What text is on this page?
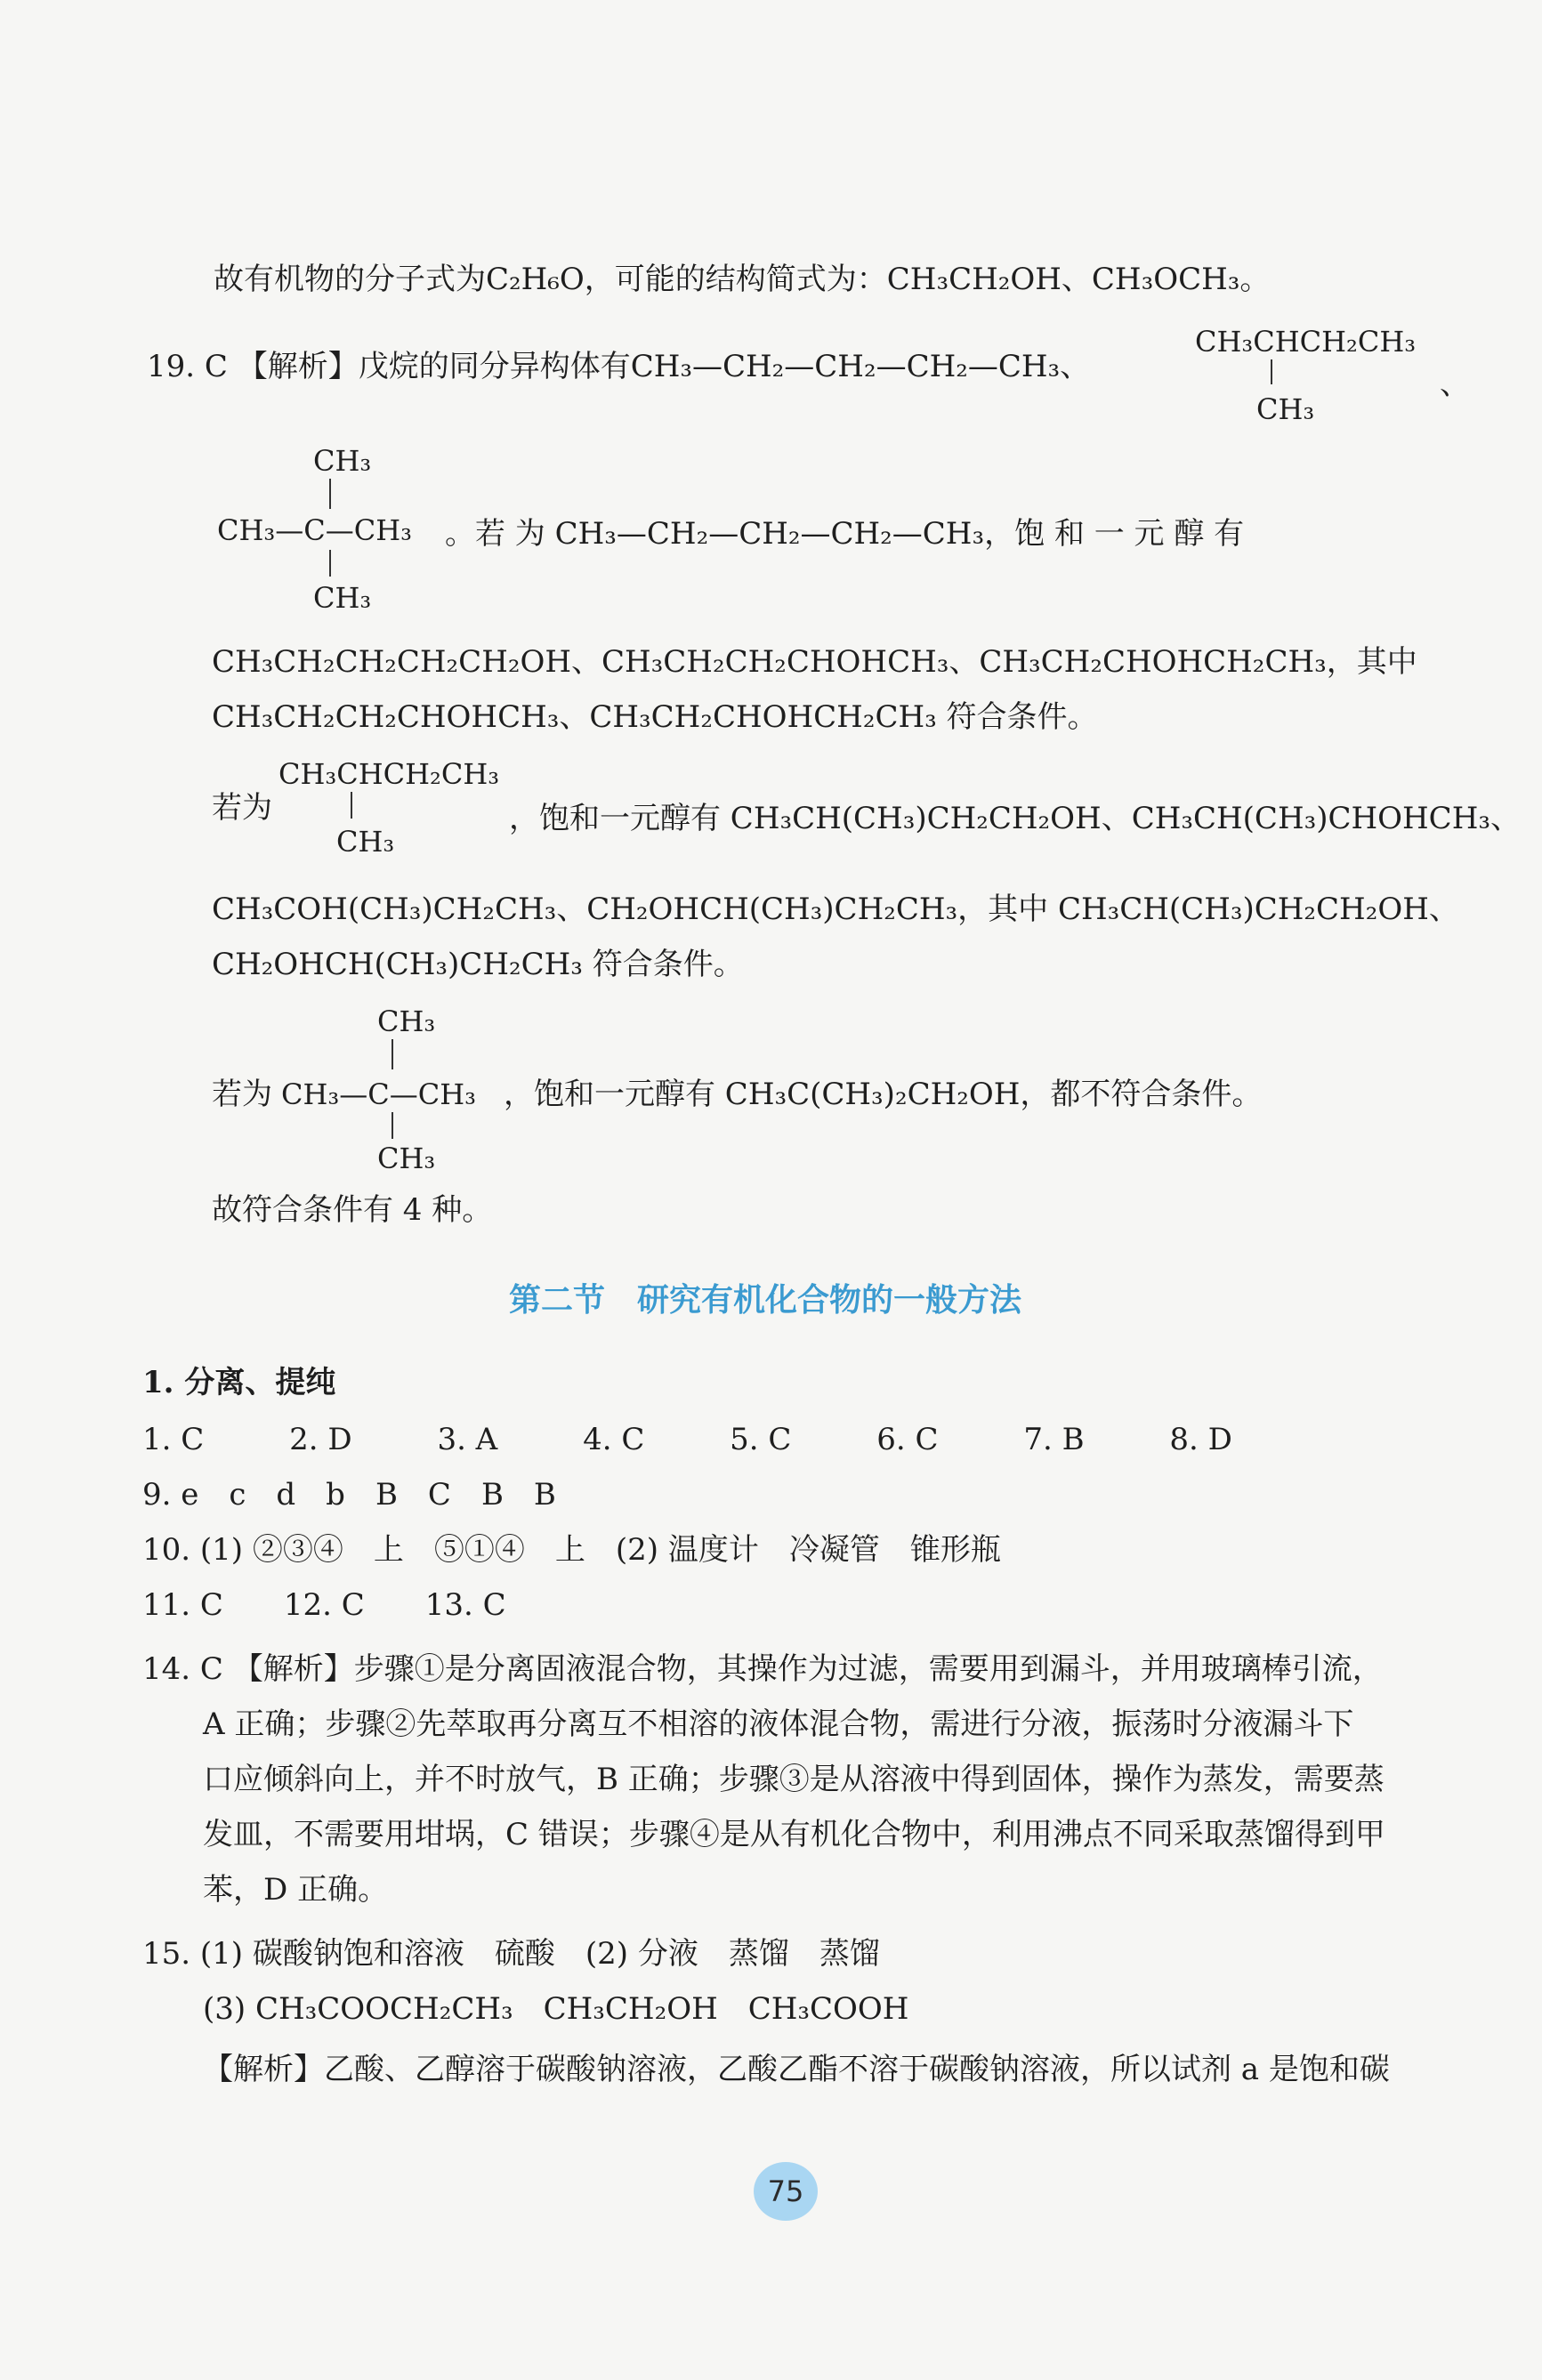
故有机物的分子式为C₂H₆O，可能的结构简式为：CH₃CH₂OH、CH₃OCH₃。
19. C 【解析】戊烷的同分异构体有CH₃—CH₂—CH₂—CH₂—CH₃、
CH₃CHCH₂CH₃
CH₃
、
CH₃
CH₃—C—CH₃
CH₃
。若 为 CH₃—CH₂—CH₂—CH₂—CH₃，饱 和 一 元 醇 有
CH₃CH₂CH₂CH₂CH₂OH、CH₃CH₂CH₂CHOHCH₃、CH₃CH₂CHOHCH₂CH₃，其中
CH₃CH₂CH₂CHOHCH₃、CH₃CH₂CHOHCH₂CH₃ 符合条件。
若为
CH₃CHCH₂CH₃
CH₃
，饱和一元醇有 CH₃CH(CH₃)CH₂CH₂OH、CH₃CH(CH₃)CHOHCH₃、
CH₃COH(CH₃)CH₂CH₃、CH₂OHCH(CH₃)CH₂CH₃，其中 CH₃CH(CH₃)CH₂CH₂OH、
CH₂OHCH(CH₃)CH₂CH₃ 符合条件。
CH₃
若为 CH₃—C—CH₃ ，饱和一元醇有 CH₃C(CH₃)₂CH₂OH，都不符合条件。
CH₃
故符合条件有 4 种。
第二节　研究有机化合物的一般方法
1. 分离、提纯
1. C	2. D	3. A	4. C	5. C	6. C	7. B	8. D
9. e　c　d　b　B　C　B　B
10. (1) ②③④　上　⑤①④　上　(2) 温度计　冷凝管　锥形瓶
11. C　　12. C　　13. C
14. C 【解析】步骤①是分离固液混合物，其操作为过滤，需要用到漏斗，并用玻璃棒引流，
A 正确；步骤②先萃取再分离互不相溶的液体混合物，需进行分液，振荡时分液漏斗下
口应倾斜向上，并不时放气，B 正确；步骤③是从溶液中得到固体，操作为蒸发，需要蒸
发皿，不需要用坩埚，C 错误；步骤④是从有机化合物中，利用沸点不同采取蒸馏得到甲
苯，D 正确。
15. (1) 碳酸钠饱和溶液　硫酸　(2) 分液　蒸馏　蒸馏
(3) CH₃COOCH₂CH₃　CH₃CH₂OH　CH₃COOH
【解析】乙酸、乙醇溶于碳酸钠溶液，乙酸乙酯不溶于碳酸钠溶液，所以试剂 a 是饱和碳
75
